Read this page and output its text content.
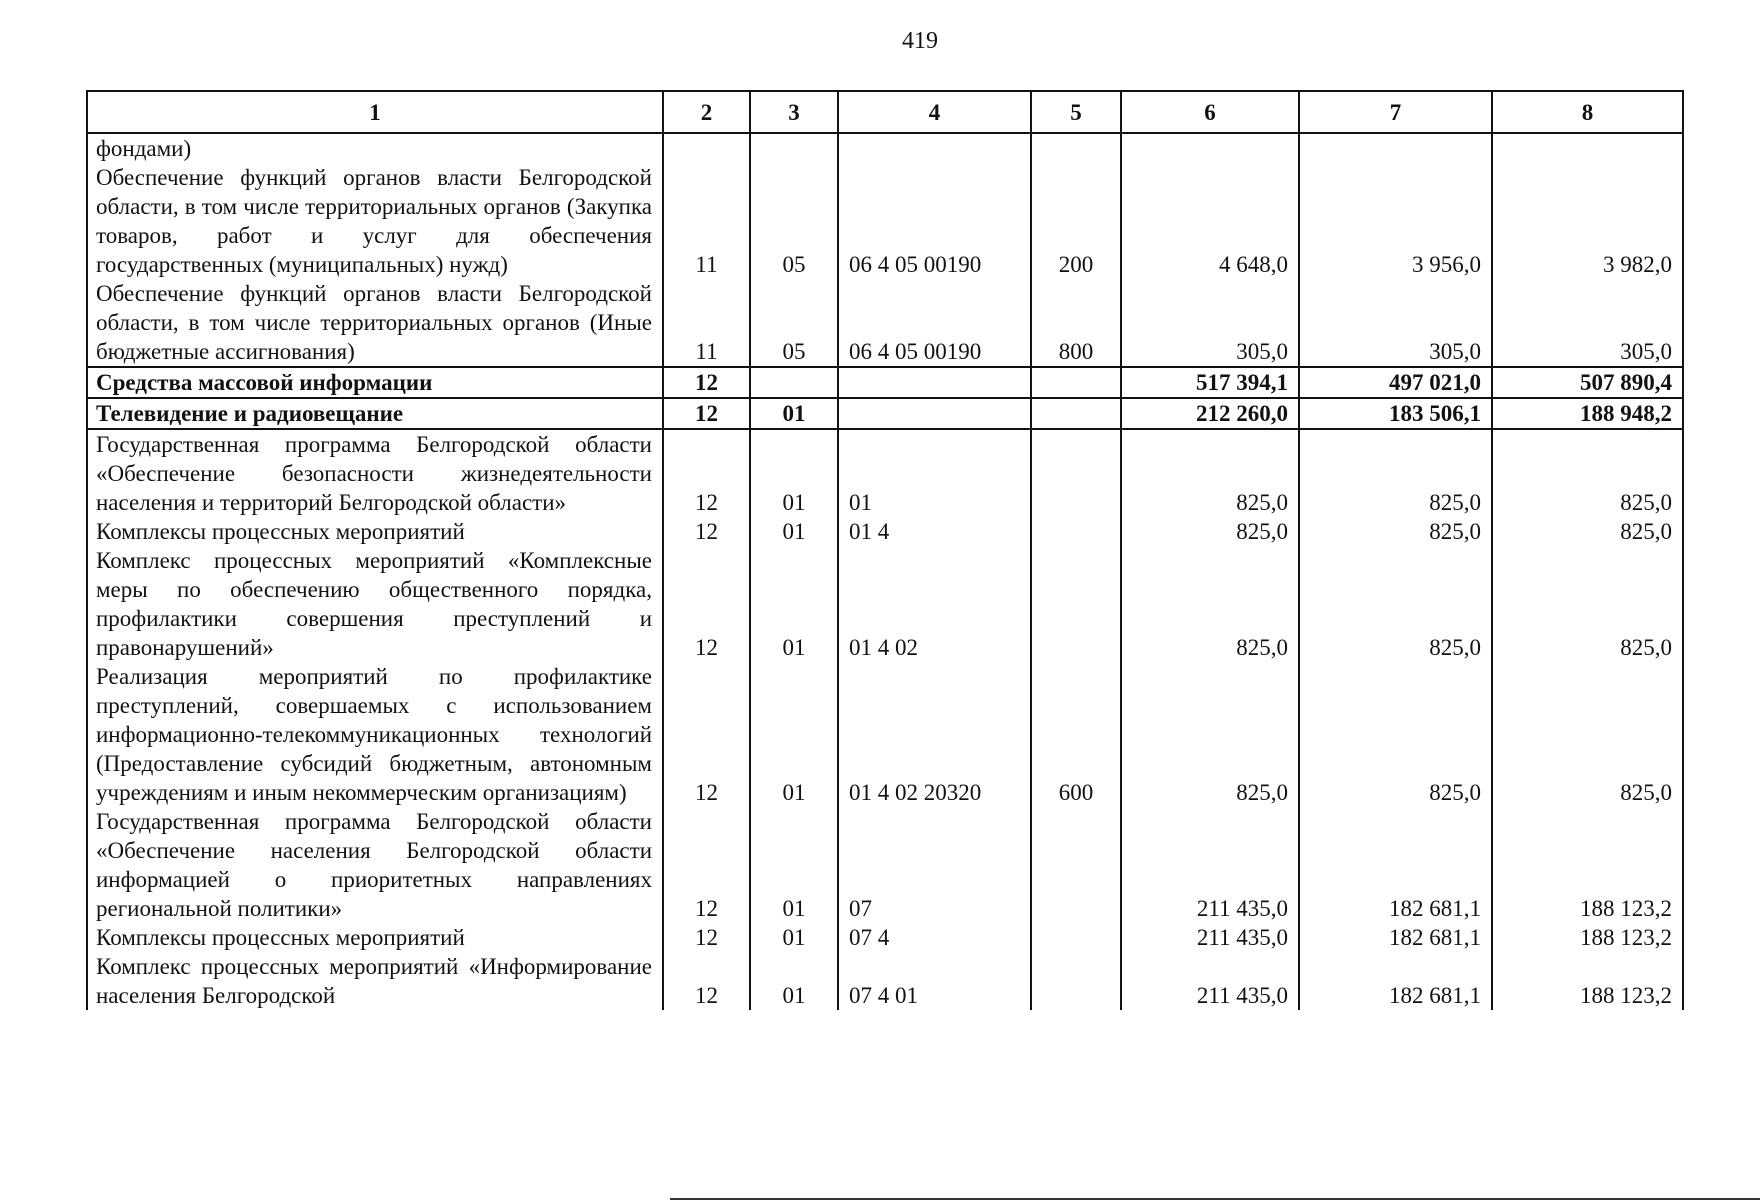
419
1	2	3	4	5	6	7	8
фондами)							
Обеспечение функций органов власти Белгородской области, в том числе территориальных органов (Закупка товаров, работ и услуг для обеспечения государственных (муниципальных) нужд)	11	05	06 4 05 00190	200	4 648,0	3 956,0	3 982,0
Обеспечение функций органов власти Белгородской области, в том числе территориальных органов (Иные бюджетные ассигнования)	11	05	06 4 05 00190	800	305,0	305,0	305,0
Средства массовой информации	12				517 394,1	497 021,0	507 890,4
Телевидение и радиовещание	12	01			212 260,0	183 506,1	188 948,2
Государственная программа Белгородской области «Обеспечение безопасности жизнедеятельности населения и территорий Белгородской области»	12	01	01		825,0	825,0	825,0
Комплексы процессных мероприятий	12	01	01 4		825,0	825,0	825,0
Комплекс процессных мероприятий «Комплексные меры по обеспечению общественного порядка, профилактики совершения преступлений и правонарушений»	12	01	01 4 02		825,0	825,0	825,0
Реализация мероприятий по профилактике преступлений, совершаемых с использованием информационно-телекоммуникационных технологий (Предоставление субсидий бюджетным, автономным учреждениям и иным некоммерческим организациям)	12	01	01 4 02 20320	600	825,0	825,0	825,0
Государственная программа Белгородской области «Обеспечение населения Белгородской области информацией о приоритетных направлениях региональной политики»	12	01	07		211 435,0	182 681,1	188 123,2
Комплексы процессных мероприятий	12	01	07 4		211 435,0	182 681,1	188 123,2
Комплекс процессных мероприятий «Информирование населения Белгородской	12	01	07 4 01		211 435,0	182 681,1	188 123,2
